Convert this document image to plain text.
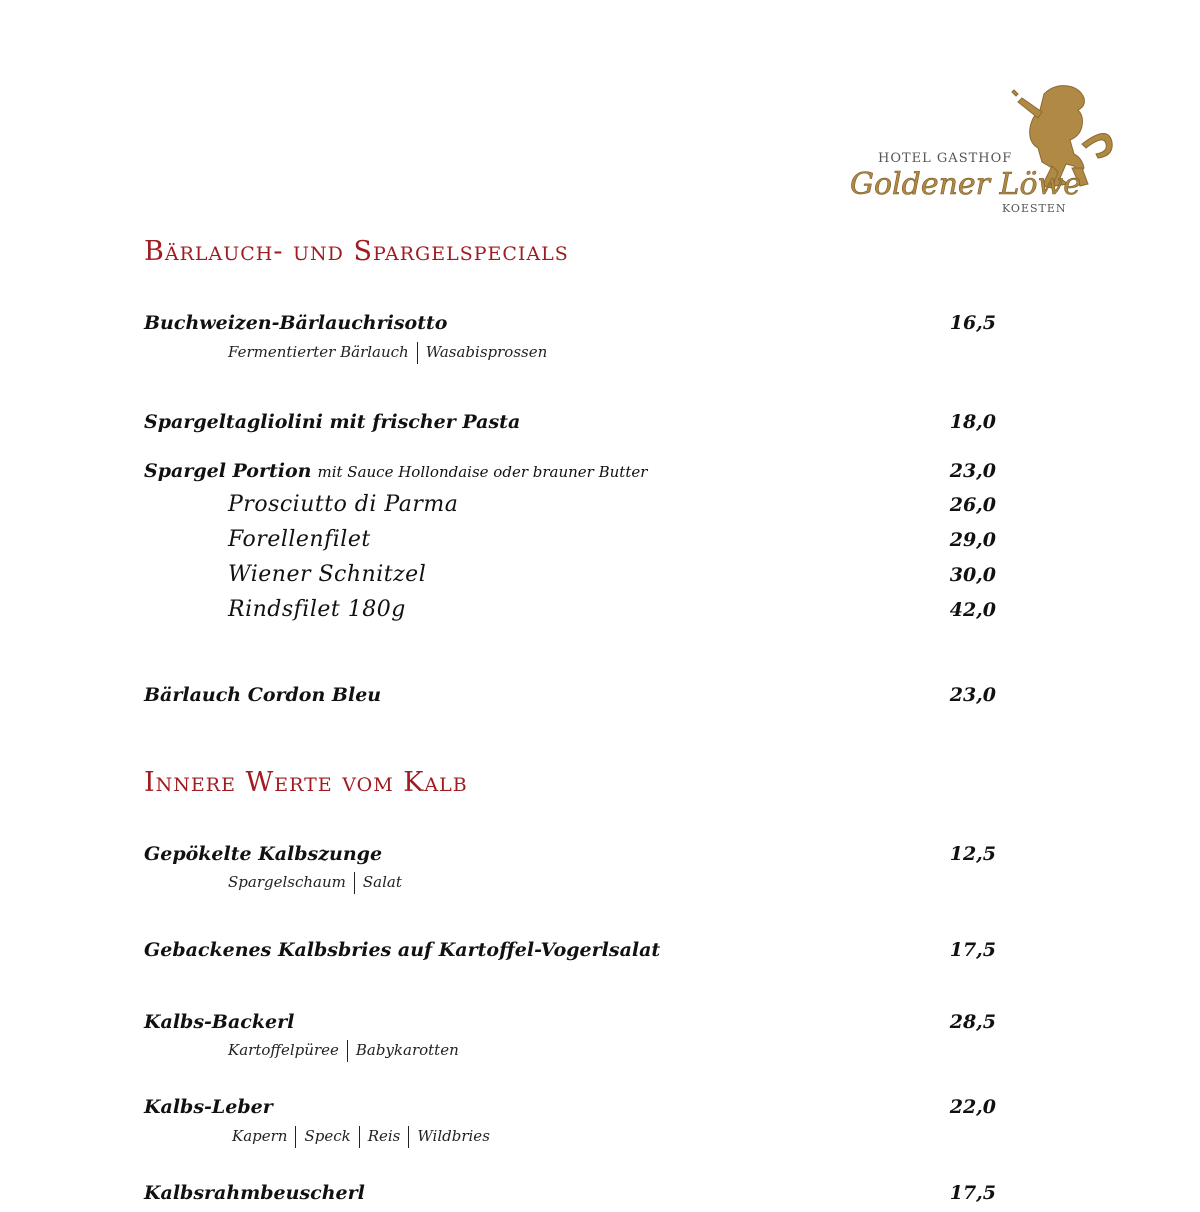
HOTEL GASTHOF
Goldener Löwe
KOESTEN
Bärlauch- und Spargelspecials
Buchweizen-Bärlauchrisotto	16,5
Fermentierter Bärlauch Wasabisprossen
Spargeltagliolini mit frischer Pasta	18,0
Spargel Portion mit Sauce Hollondaise oder brauner Butter	23,0
Prosciutto di Parma	26,0
Forellenfilet	29,0
Wiener Schnitzel	30,0
Rindsfilet 180g	42,0
Bärlauch Cordon Bleu	23,0
Innere Werte vom Kalb
Gepökelte Kalbszunge	12,5
Spargelschaum Salat
Gebackenes Kalbsbries auf Kartoffel-Vogerlsalat	17,5
Kalbs-Backerl	28,5
Kartoffelpüree Babykarotten
Kalbs-Leber	22,0
Kapern Speck Reis Wildbries
Kalbsrahmbeuscherl	17,5
